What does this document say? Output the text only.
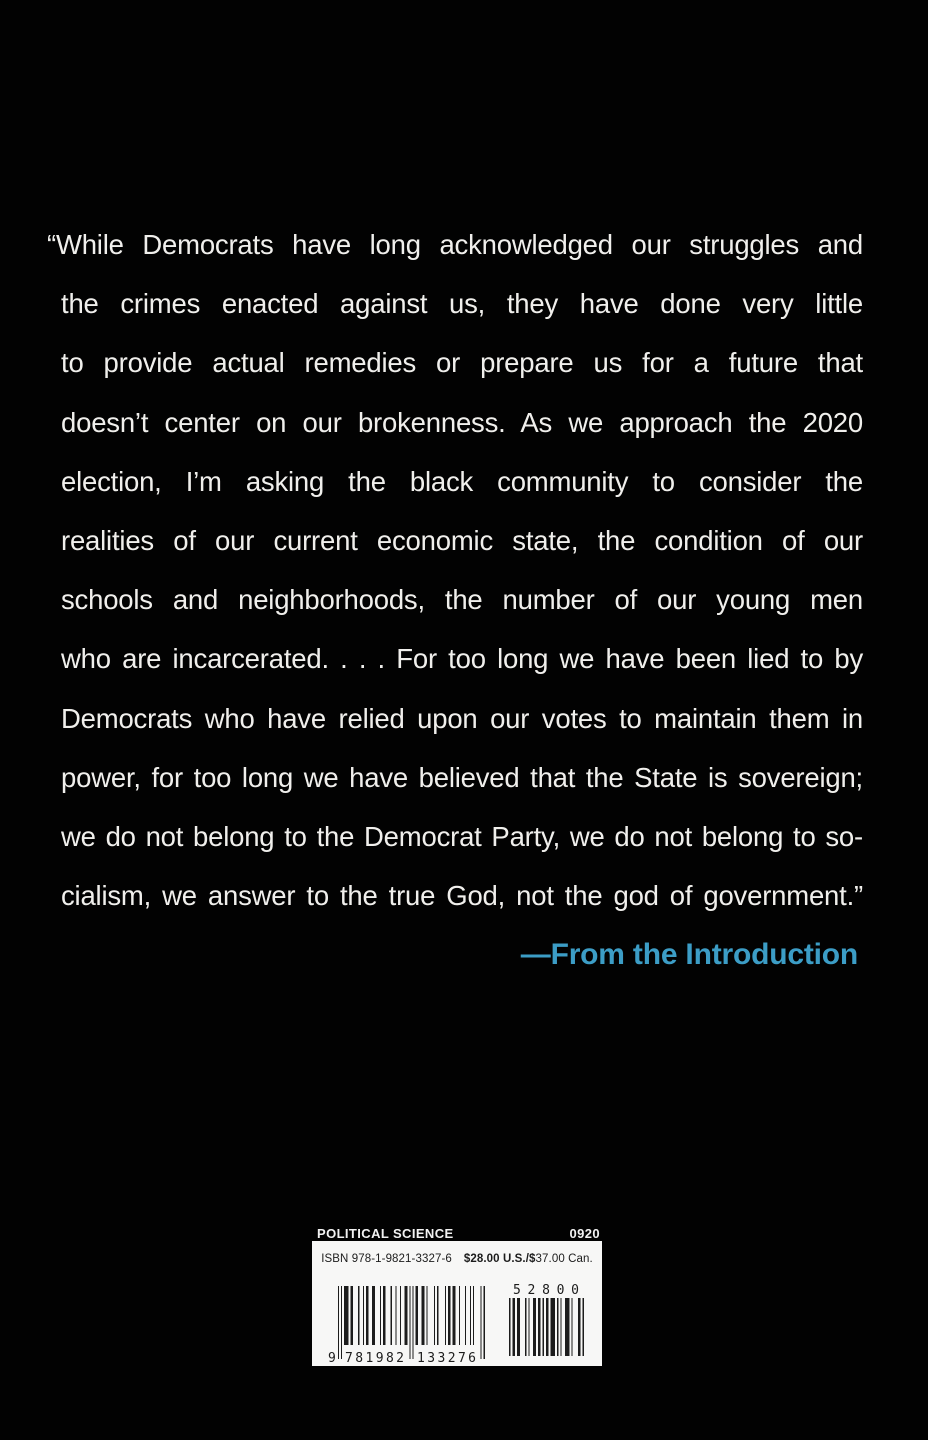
“While Democrats have long acknowledged our struggles and
the crimes enacted against us, they have done very little
to provide actual remedies or prepare us for a future that
doesn’t center on our brokenness. As we approach the 2020
election, I’m asking the black community to consider the
realities of our current economic state, the condition of our
schools and neighborhoods, the number of our young men
who are incarcerated. . . . For too long we have been lied to by
Democrats who have relied upon our votes to maintain them in
power, for too long we have believed that the State is sovereign;
we do not belong to the Democrat Party, we do not belong to so-
cialism, we answer to the true God, not the god of government.”
—From the Introduction
POLITICAL SCIENCE	0920
ISBN 978-1-9821-3327-6 $28.00 U.S./$37.00 Can.
9 781982 133276
52800
